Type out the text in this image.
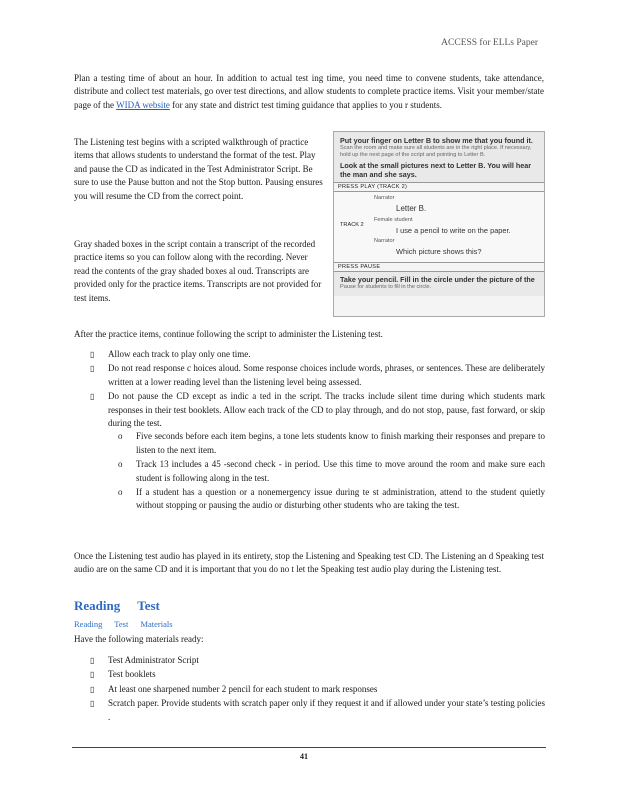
ACCESS for ELLs Paper

Plan a testing time of about an hour. In addition to actual test ing time, you need time to convene students, take attendance, distribute and collect test materials, go over test directions, and allow students to complete practice items. Visit your member/state page of the WIDA website for any state and district test timing guidance that applies to you r students.

The Listening test begins with a scripted walkthrough of practice items that allows students to understand the format of the test. Play and pause the CD as indicated in the Test Administrator Script. Be sure to use the Pause button and not the Stop button. Pausing ensures you will resume the CD from the correct point.

Gray shaded boxes in the script contain a transcript of the recorded practice items so you can follow along with the recording. Never read the contents of the gray shaded boxes al oud. Transcripts are provided only for the practice items. Transcripts are not provided for test items.

Put your finger on Letter B to show me that you found it.

Scan the room and make sure all students are in the right place. If necessary, hold up the next page of the script and pointing to Letter B.

Look at the small pictures next to Letter B. You will hear the man and she says.

PRESS PLAY (TRACK 2)

TRACK 2
Narrator
Letter B.
Female student
I use a pencil to write on the paper.
Narrator
Which picture shows this?

PRESS PAUSE

Take your pencil. Fill in the circle under the picture of the

Pause for students to fill in the circle.

After the practice items, continue following the script to administer the Listening test.

▯ Allow each track to play only one time.
▯ Do not read response c hoices aloud. Some response choices include words, phrases, or sentences. These are deliberately written at a lower reading level than the listening level being assessed.
▯ Do not pause the CD except as indic a ted in the script. The tracks include silent time during which students mark responses in their test booklets. Allow each track of the CD to play through, and do not stop, pause, fast forward, or skip during the test.
o Five seconds before each item begins, a tone lets students know to finish marking their responses and prepare to listen to the next item.
o Track 13 includes a 45 -second check - in period. Use this time to move around the room and make sure each student is following along in the test.
o If a student has a question or a nonemergency issue during te st administration, attend to the student quietly without stopping or pausing the audio or disturbing other students who are taking the test.

Once the Listening test audio has played in its entirety, stop the Listening and Speaking test CD. The Listening an d Speaking test audio are on the same CD and it is important that you do no t let the Speaking test audio play during the Listening test.

Reading Test
Reading Test Materials

Have the following materials ready:

▯ Test Administrator Script
▯ Test booklets
▯ At least one sharpened number 2 pencil for each student to mark responses
▯ Scratch paper. Provide students with scratch paper only if they request it and if allowed under your state’s testing policies .
41
